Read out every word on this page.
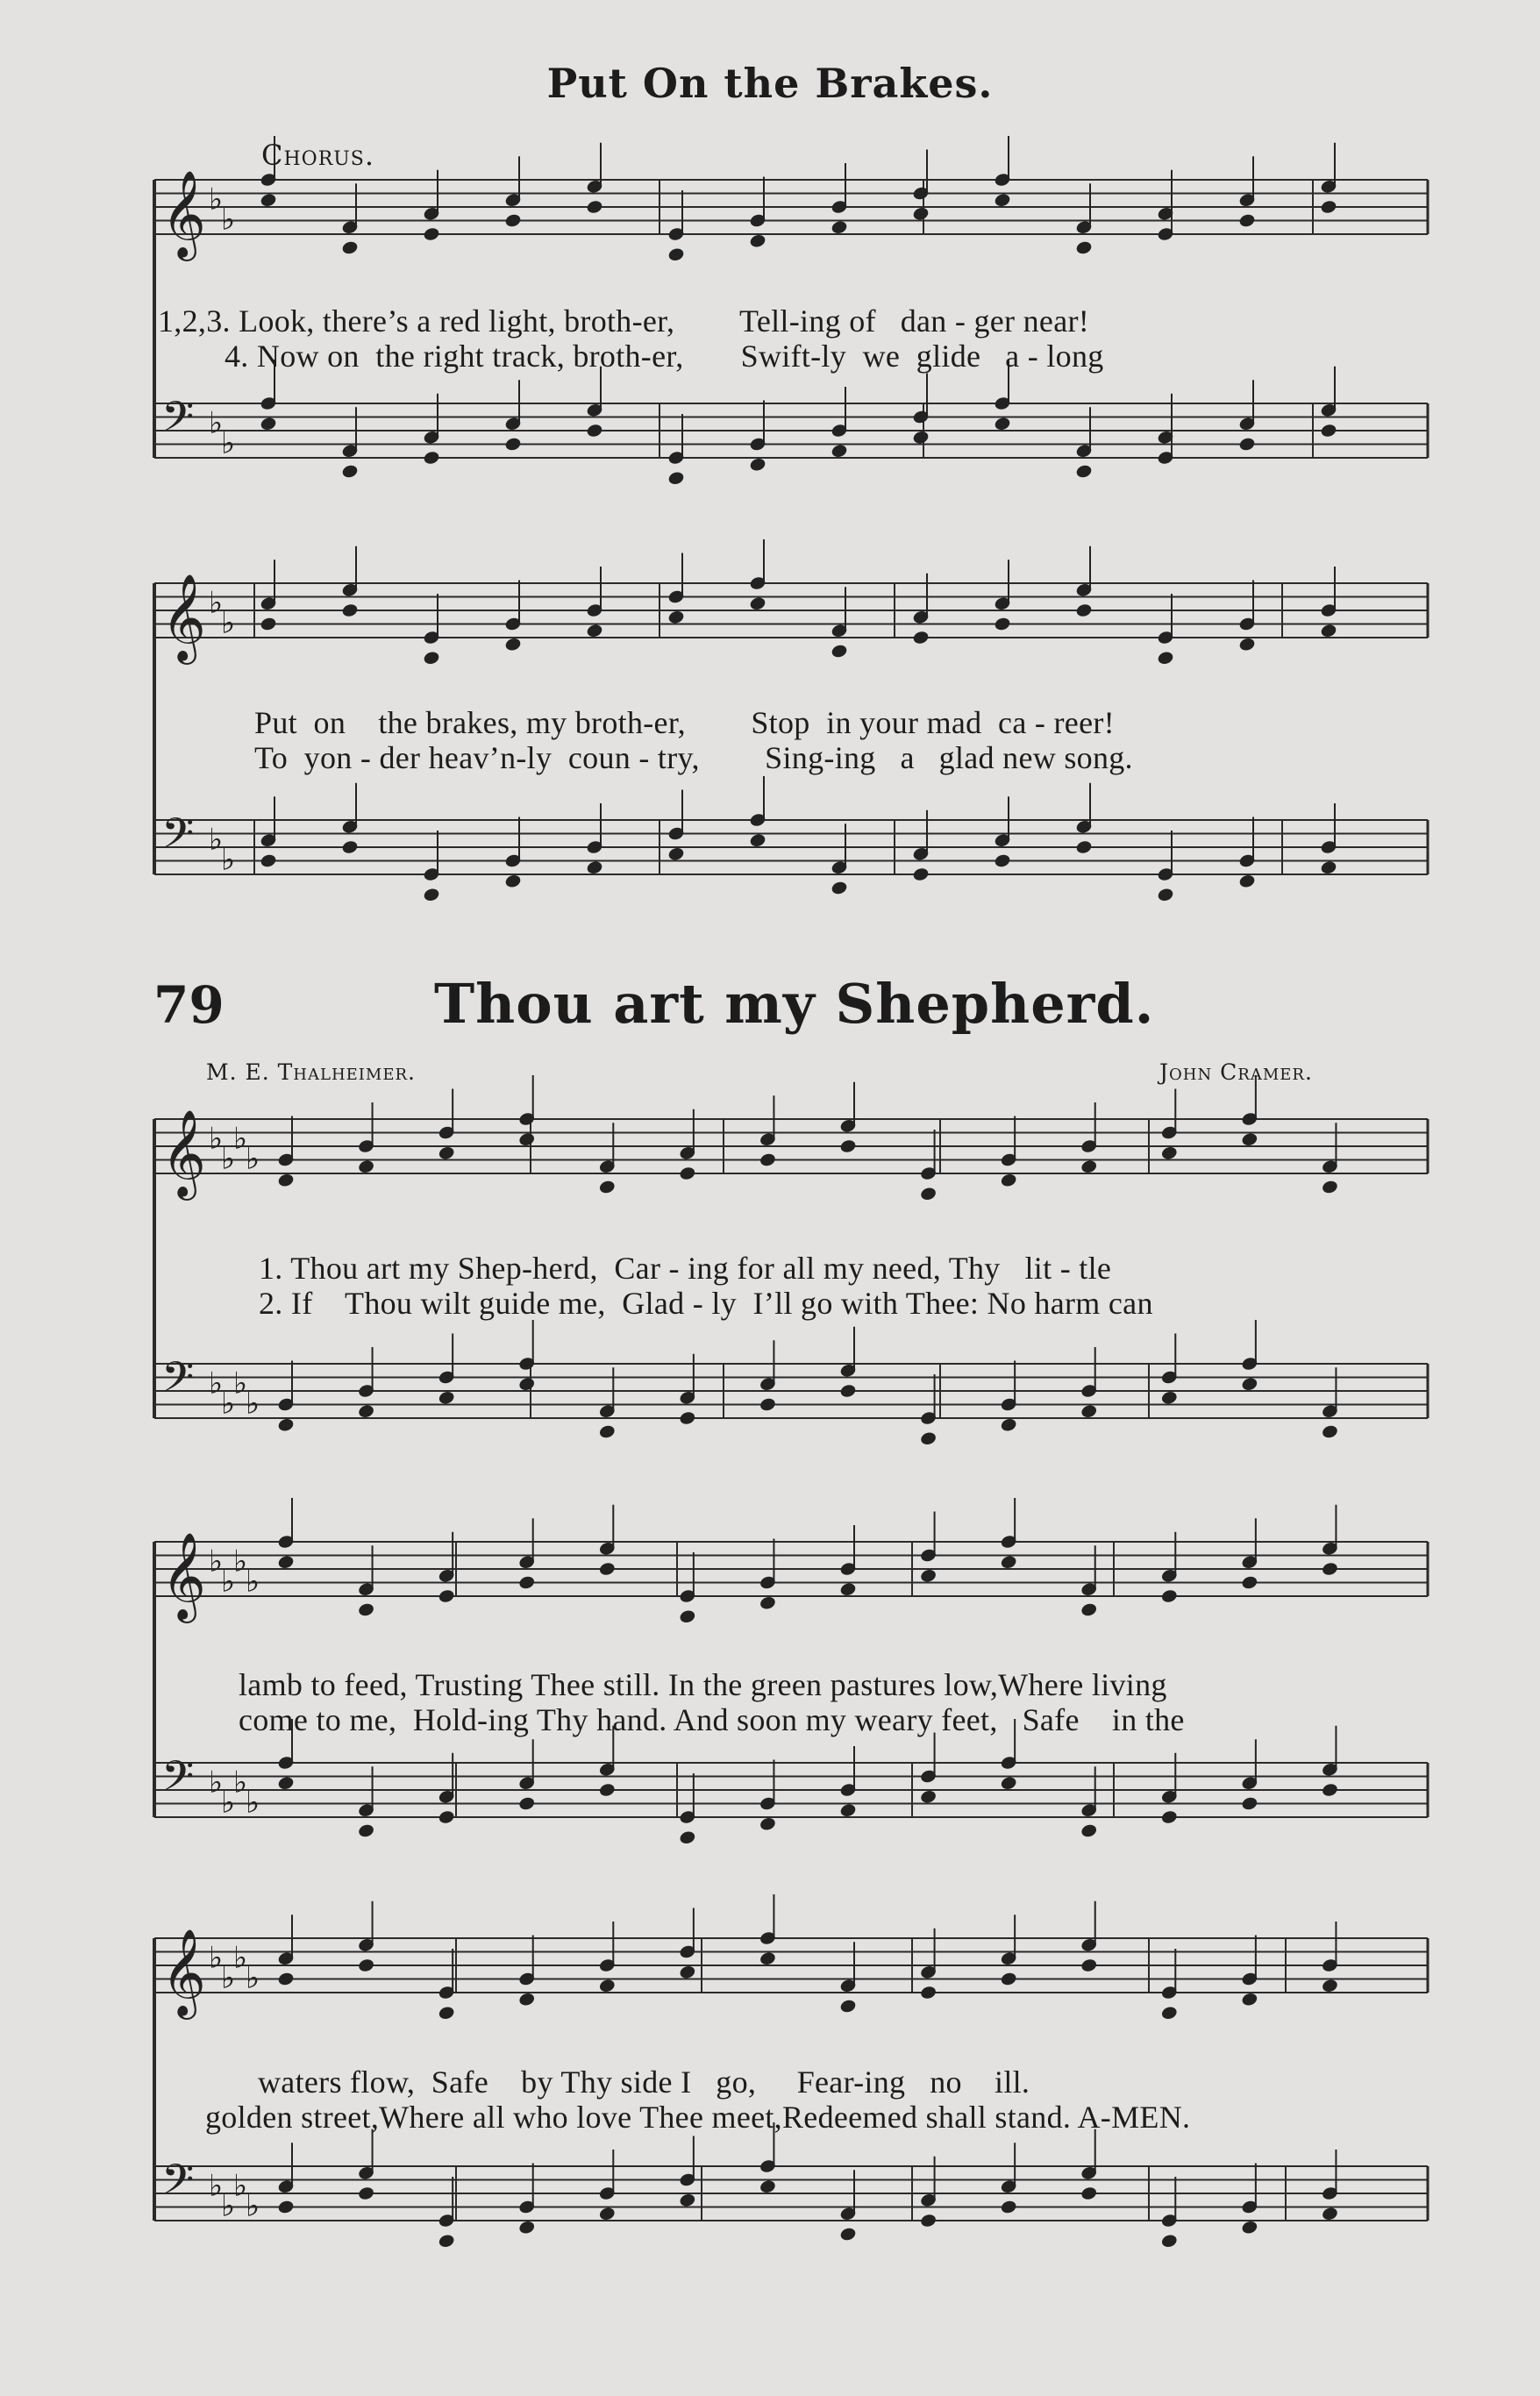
Put On the Brakes.
Chorus.
𝄞 ♭
♭
𝄢 ♭
♭
𝄞 ♭
♭
𝄢 ♭
♭
𝄞 ♭
♭
♭
♭
𝄢 ♭
♭
♭
♭
𝄞 ♭
♭
♭
♭
𝄢 ♭
♭
♭
♭
𝄞 ♭
♭
♭
♭
𝄢 ♭
♭
♭
♭
1,2,3. Look, there’s a red light, broth-er,        Tell-ing of   dan - ger near!
4. Now on  the right track, broth-er,       Swift-ly  we  glide   a - long
Put  on    the brakes, my broth-er,        Stop  in your mad  ca - reer!
To  yon - der heav’n-ly  coun - try,        Sing-ing   a   glad new song.
79	Thou art my Shepherd.
M. E. Thalheimer.	John Cramer.
1. Thou art my Shep-herd,  Car - ing for all my need, Thy   lit - tle
2. If    Thou wilt guide me,  Glad - ly  I’ll go with Thee: No harm can
lamb to feed, Trusting Thee still. In the green pastures low,Where living
come to me,  Hold-ing Thy hand. And soon my weary feet,   Safe    in the
waters flow,  Safe    by Thy side I   go,     Fear-ing   no    ill.
golden street,Where all who love Thee meet,Redeemed shall stand. A-MEN.
